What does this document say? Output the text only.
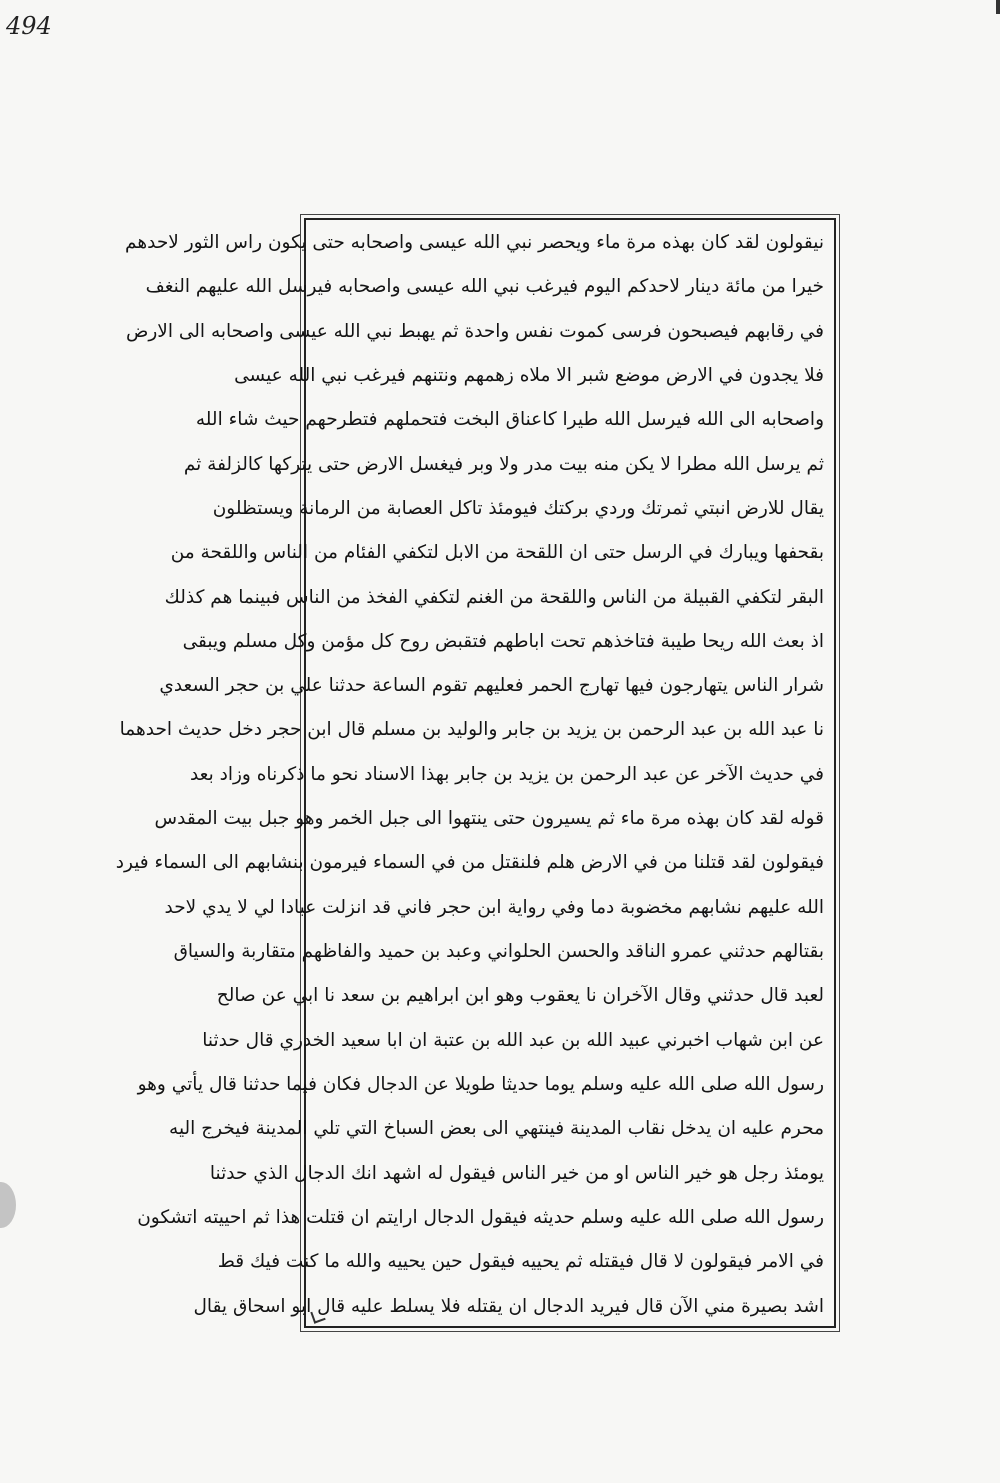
494
نيقولون لقد كان بهذه مرة ماء ويحصر نبي الله عيسى واصحابه حتى يكون راس الثور لاحدهم
خيرا من مائة دينار لاحدكم اليوم فيرغب نبي الله عيسى واصحابه فيرسل الله عليهم النغف
في رقابهم فيصبحون فرسى كموت نفس واحدة ثم يهبط نبي الله عيسى واصحابه الى الارض
فلا يجدون في الارض موضع شبر الا ملاه زهمهم ونتنهم فيرغب نبي الله عيسى
واصحابه الى الله فيرسل الله طيرا كاعناق البخت فتحملهم فتطرحهم حيث شاء الله
ثم يرسل الله مطرا لا يكن منه بيت مدر ولا وبر فيغسل الارض حتى يتركها كالزلفة ثم
يقال للارض انبتي ثمرتك وردي بركتك فيومئذ تاكل العصابة من الرمانة ويستظلون
بقحفها ويبارك في الرسل حتى ان اللقحة من الابل لتكفي الفئام من الناس واللقحة من
البقر لتكفي القبيلة من الناس واللقحة من الغنم لتكفي الفخذ من الناس فبينما هم كذلك
اذ بعث الله ريحا طيبة فتاخذهم تحت اباطهم فتقبض روح كل مؤمن وكل مسلم ويبقى
شرار الناس يتهارجون فيها تهارج الحمر فعليهم تقوم الساعة حدثنا علي بن حجر السعدي
نا عبد الله بن عبد الرحمن بن يزيد بن جابر والوليد بن مسلم قال ابن حجر دخل حديث احدهما
في حديث الآخر عن عبد الرحمن بن يزيد بن جابر بهذا الاسناد نحو ما ذكرناه وزاد بعد
قوله لقد كان بهذه مرة ماء ثم يسيرون حتى ينتهوا الى جبل الخمر وهو جبل بيت المقدس
فيقولون لقد قتلنا من في الارض هلم فلنقتل من في السماء فيرمون بنشابهم الى السماء فيرد
الله عليهم نشابهم مخضوبة دما وفي رواية ابن حجر فاني قد انزلت عبادا لي لا يدي لاحد
بقتالهم حدثني عمرو الناقد والحسن الحلواني وعبد بن حميد والفاظهم متقاربة والسياق
لعبد قال حدثني وقال الآخران نا يعقوب وهو ابن ابراهيم بن سعد نا ابي عن صالح
عن ابن شهاب اخبرني عبيد الله بن عبد الله بن عتبة ان ابا سعيد الخدري قال حدثنا
رسول الله صلى الله عليه وسلم يوما حديثا طويلا عن الدجال فكان فيما حدثنا قال يأتي وهو
محرم عليه ان يدخل نقاب المدينة فينتهي الى بعض السباخ التي تلي المدينة فيخرج اليه
يومئذ رجل هو خير الناس او من خير الناس فيقول له اشهد انك الدجال الذي حدثنا
رسول الله صلى الله عليه وسلم حديثه فيقول الدجال ارايتم ان قتلت هذا ثم احييته اتشكون
في الامر فيقولون لا قال فيقتله ثم يحييه فيقول حين يحييه والله ما كنت فيك قط
اشد بصيرة مني الآن قال فيريد الدجال ان يقتله فلا يسلط عليه قال ابو اسحاق يقال
